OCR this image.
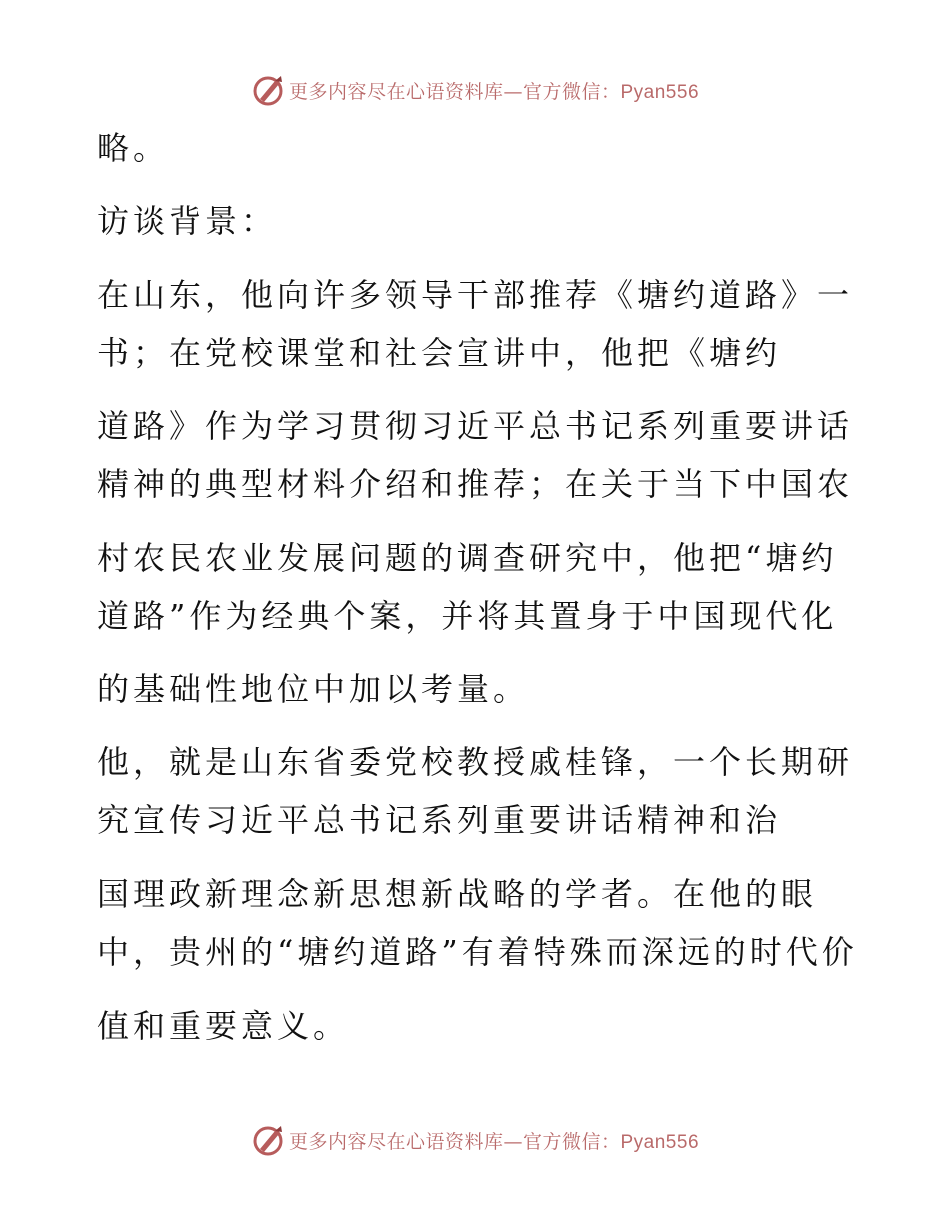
更多内容尽在心语资料库—官方微信：Pyan556
略。
访谈背景：
在山东，他向许多领导干部推荐《塘约道路》一
书；在党校课堂和社会宣讲中，他把《塘约
道路》作为学习贯彻习近平总书记系列重要讲话
精神的典型材料介绍和推荐；在关于当下中国农
村农民农业发展问题的调查研究中，他把“塘约
道路”作为经典个案，并将其置身于中国现代化
的基础性地位中加以考量。
他，就是山东省委党校教授戚桂锋，一个长期研
究宣传习近平总书记系列重要讲话精神和治
国理政新理念新思想新战略的学者。在他的眼
中，贵州的“塘约道路”有着特殊而深远的时代价
值和重要意义。
更多内容尽在心语资料库—官方微信：Pyan556
